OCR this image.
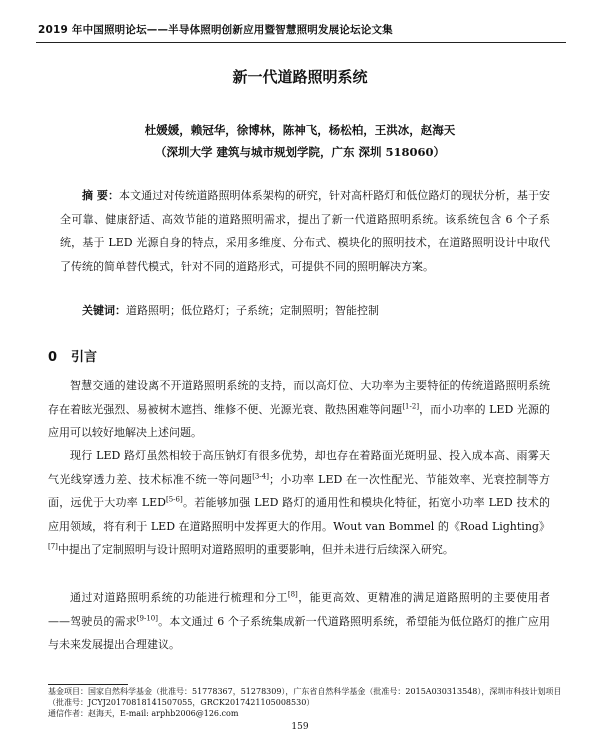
2019 年中国照明论坛——半导体照明创新应用暨智慧照明发展论坛论文集
新一代道路照明系统
杜媛媛，赖冠华，徐博林，陈神飞，杨松柏，王洪冰，赵海天
（深圳大学 建筑与城市规划学院，广东 深圳 518060）
摘 要：本文通过对传统道路照明体系架构的研究，针对高杆路灯和低位路灯的现状分析，基于安全可靠、健康舒适、高效节能的道路照明需求，提出了新一代道路照明系统。该系统包含 6 个子系统，基于 LED 光源自身的特点，采用多维度、分布式、模块化的照明技术，在道路照明设计中取代了传统的简单替代模式，针对不同的道路形式，可提供不同的照明解决方案。
关键词：道路照明；低位路灯；子系统；定制照明；智能控制
0 引言

智慧交通的建设离不开道路照明系统的支持，而以高灯位、大功率为主要特征的传统道路照明系统存在着眩光强烈、易被树木遮挡、维修不便、光源光衰、散热困难等问题[1-2]，而小功率的 LED 光源的应用可以较好地解决上述问题。

现行 LED 路灯虽然相较于高压钠灯有很多优势，却也存在着路面光斑明显、投入成本高、雨雾天气光线穿透力差、技术标准不统一等问题[3-4]；小功率 LED 在一次性配光、节能效率、光衰控制等方面，远优于大功率 LED[5-6]。若能够加强 LED 路灯的通用性和模块化特征，拓宽小功率 LED 技术的应用领域，将有利于 LED 在道路照明中发挥更大的作用。Wout van Bommel 的《Road Lighting》[7]中提出了定制照明与设计照明对道路照明的重要影响，但并未进行后续深入研究。

通过对道路照明系统的功能进行梳理和分工[8]，能更高效、更精准的满足道路照明的主要使用者——驾驶员的需求[9-10]。本文通过 6 个子系统集成新一代道路照明系统，希望能为低位路灯的推广应用与未来发展提出合理建议。

基金项目：国家自然科学基金（批准号：51778367，51278309），广东省自然科学基金（批准号：2015A030313548），深圳市科技计划项目（批准号：JCYJ20170818141507055，GRCK2017421105008530）
通信作者：赵海天，E-mail: arphb2006@126.com
159
